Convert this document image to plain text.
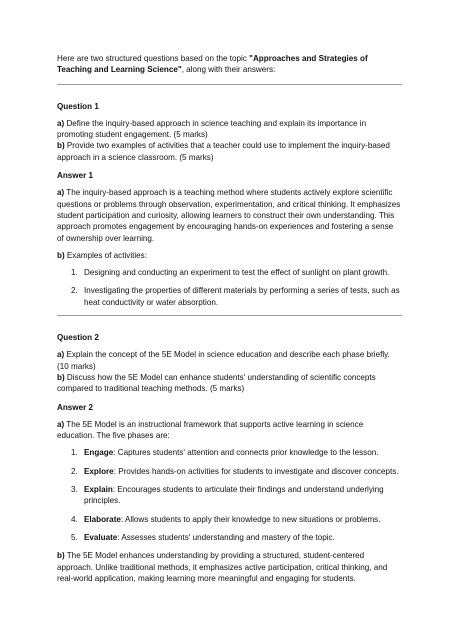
Here are two structured questions based on the topic "Approaches and Strategies of Teaching and Learning Science", along with their answers:

Question 1

a) Define the inquiry-based approach in science teaching and explain its importance in promoting student engagement. (5 marks)

b) Provide two examples of activities that a teacher could use to implement the inquiry-based approach in a science classroom. (5 marks)

Answer 1

a) The inquiry-based approach is a teaching method where students actively explore scientific questions or problems through observation, experimentation, and critical thinking. It emphasizes student participation and curiosity, allowing learners to construct their own understanding. This approach promotes engagement by encouraging hands-on experiences and fostering a sense of ownership over learning.

b) Examples of activities:

1. Designing and conducting an experiment to test the effect of sunlight on plant growth.
2. Investigating the properties of different materials by performing a series of tests, such as heat conductivity or water absorption.

Question 2

a) Explain the concept of the 5E Model in science education and describe each phase briefly. (10 marks)

b) Discuss how the 5E Model can enhance students' understanding of scientific concepts compared to traditional teaching methods. (5 marks)

Answer 2

a) The 5E Model is an instructional framework that supports active learning in science education. The five phases are:

1. Engage: Captures students' attention and connects prior knowledge to the lesson.
2. Explore: Provides hands-on activities for students to investigate and discover concepts.
3. Explain: Encourages students to articulate their findings and understand underlying principles.
4. Elaborate: Allows students to apply their knowledge to new situations or problems.
5. Evaluate: Assesses students' understanding and mastery of the topic.

b) The 5E Model enhances understanding by providing a structured, student-centered approach. Unlike traditional methods, it emphasizes active participation, critical thinking, and real-world application, making learning more meaningful and engaging for students.
